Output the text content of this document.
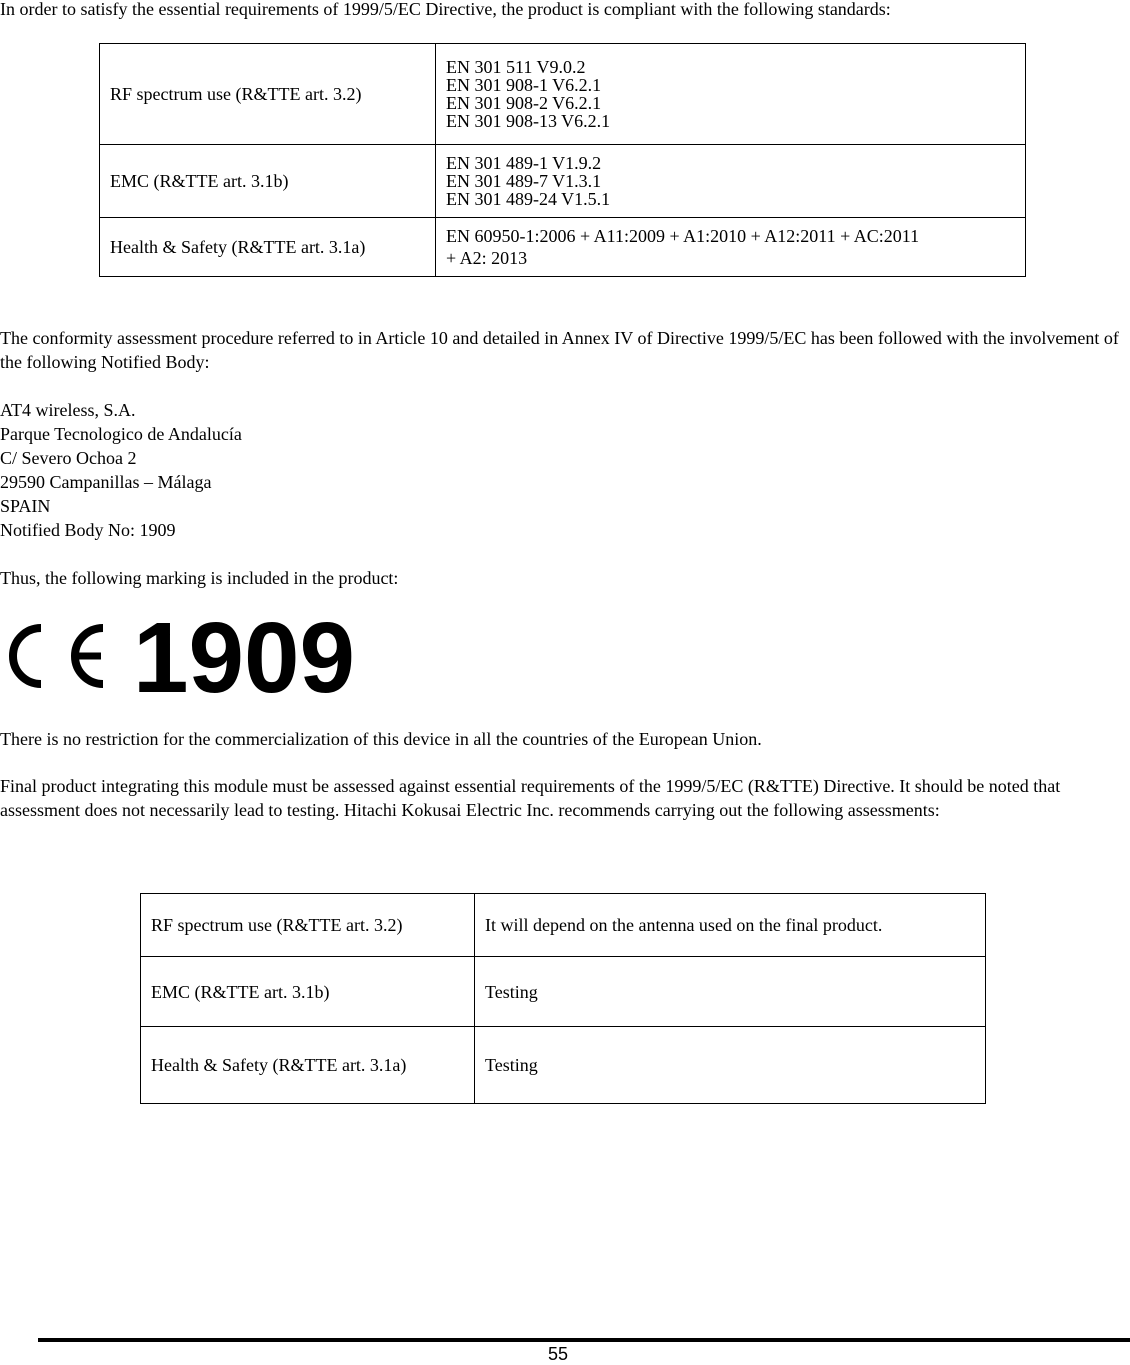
In order to satisfy the essential requirements of 1999/5/EC Directive, the product is compliant with the following standards:

RF spectrum use (R&TTE art. 3.2)	EN 301 511 V9.0.2
EN 301 908-1 V6.2.1
EN 301 908-2 V6.2.1
EN 301 908-13 V6.2.1

EMC (R&TTE art. 3.1b)	EN 301 489-1 V1.9.2
EN 301 489-7 V1.3.1
EN 301 489-24 V1.5.1

Health & Safety (R&TTE art. 3.1a)	EN 60950-1:2006 + A11:2009 + A1:2010 + A12:2011 + AC:2011
+ A2: 2013

The conformity assessment procedure referred to in Article 10 and detailed in Annex IV of Directive 1999/5/EC has been followed with the involvement of the following Notified Body:

AT4 wireless, S.A.

Parque Tecnologico de Andalucía

C/ Severo Ochoa 2

29590 Campanillas – Málaga

SPAIN

Notified Body No: 1909

Thus, the following marking is included in the product:

1909

There is no restriction for the commercialization of this device in all the countries of the European Union.

Final product integrating this module must be assessed against essential requirements of the 1999/5/EC (R&TTE) Directive. It should be noted that assessment does not necessarily lead to testing. Hitachi Kokusai Electric Inc. recommends carrying out the following assessments:

RF spectrum use (R&TTE art. 3.2)	It will depend on the antenna used on the final product.
EMC (R&TTE art. 3.1b)	Testing
Health & Safety (R&TTE art. 3.1a)	Testing
55
